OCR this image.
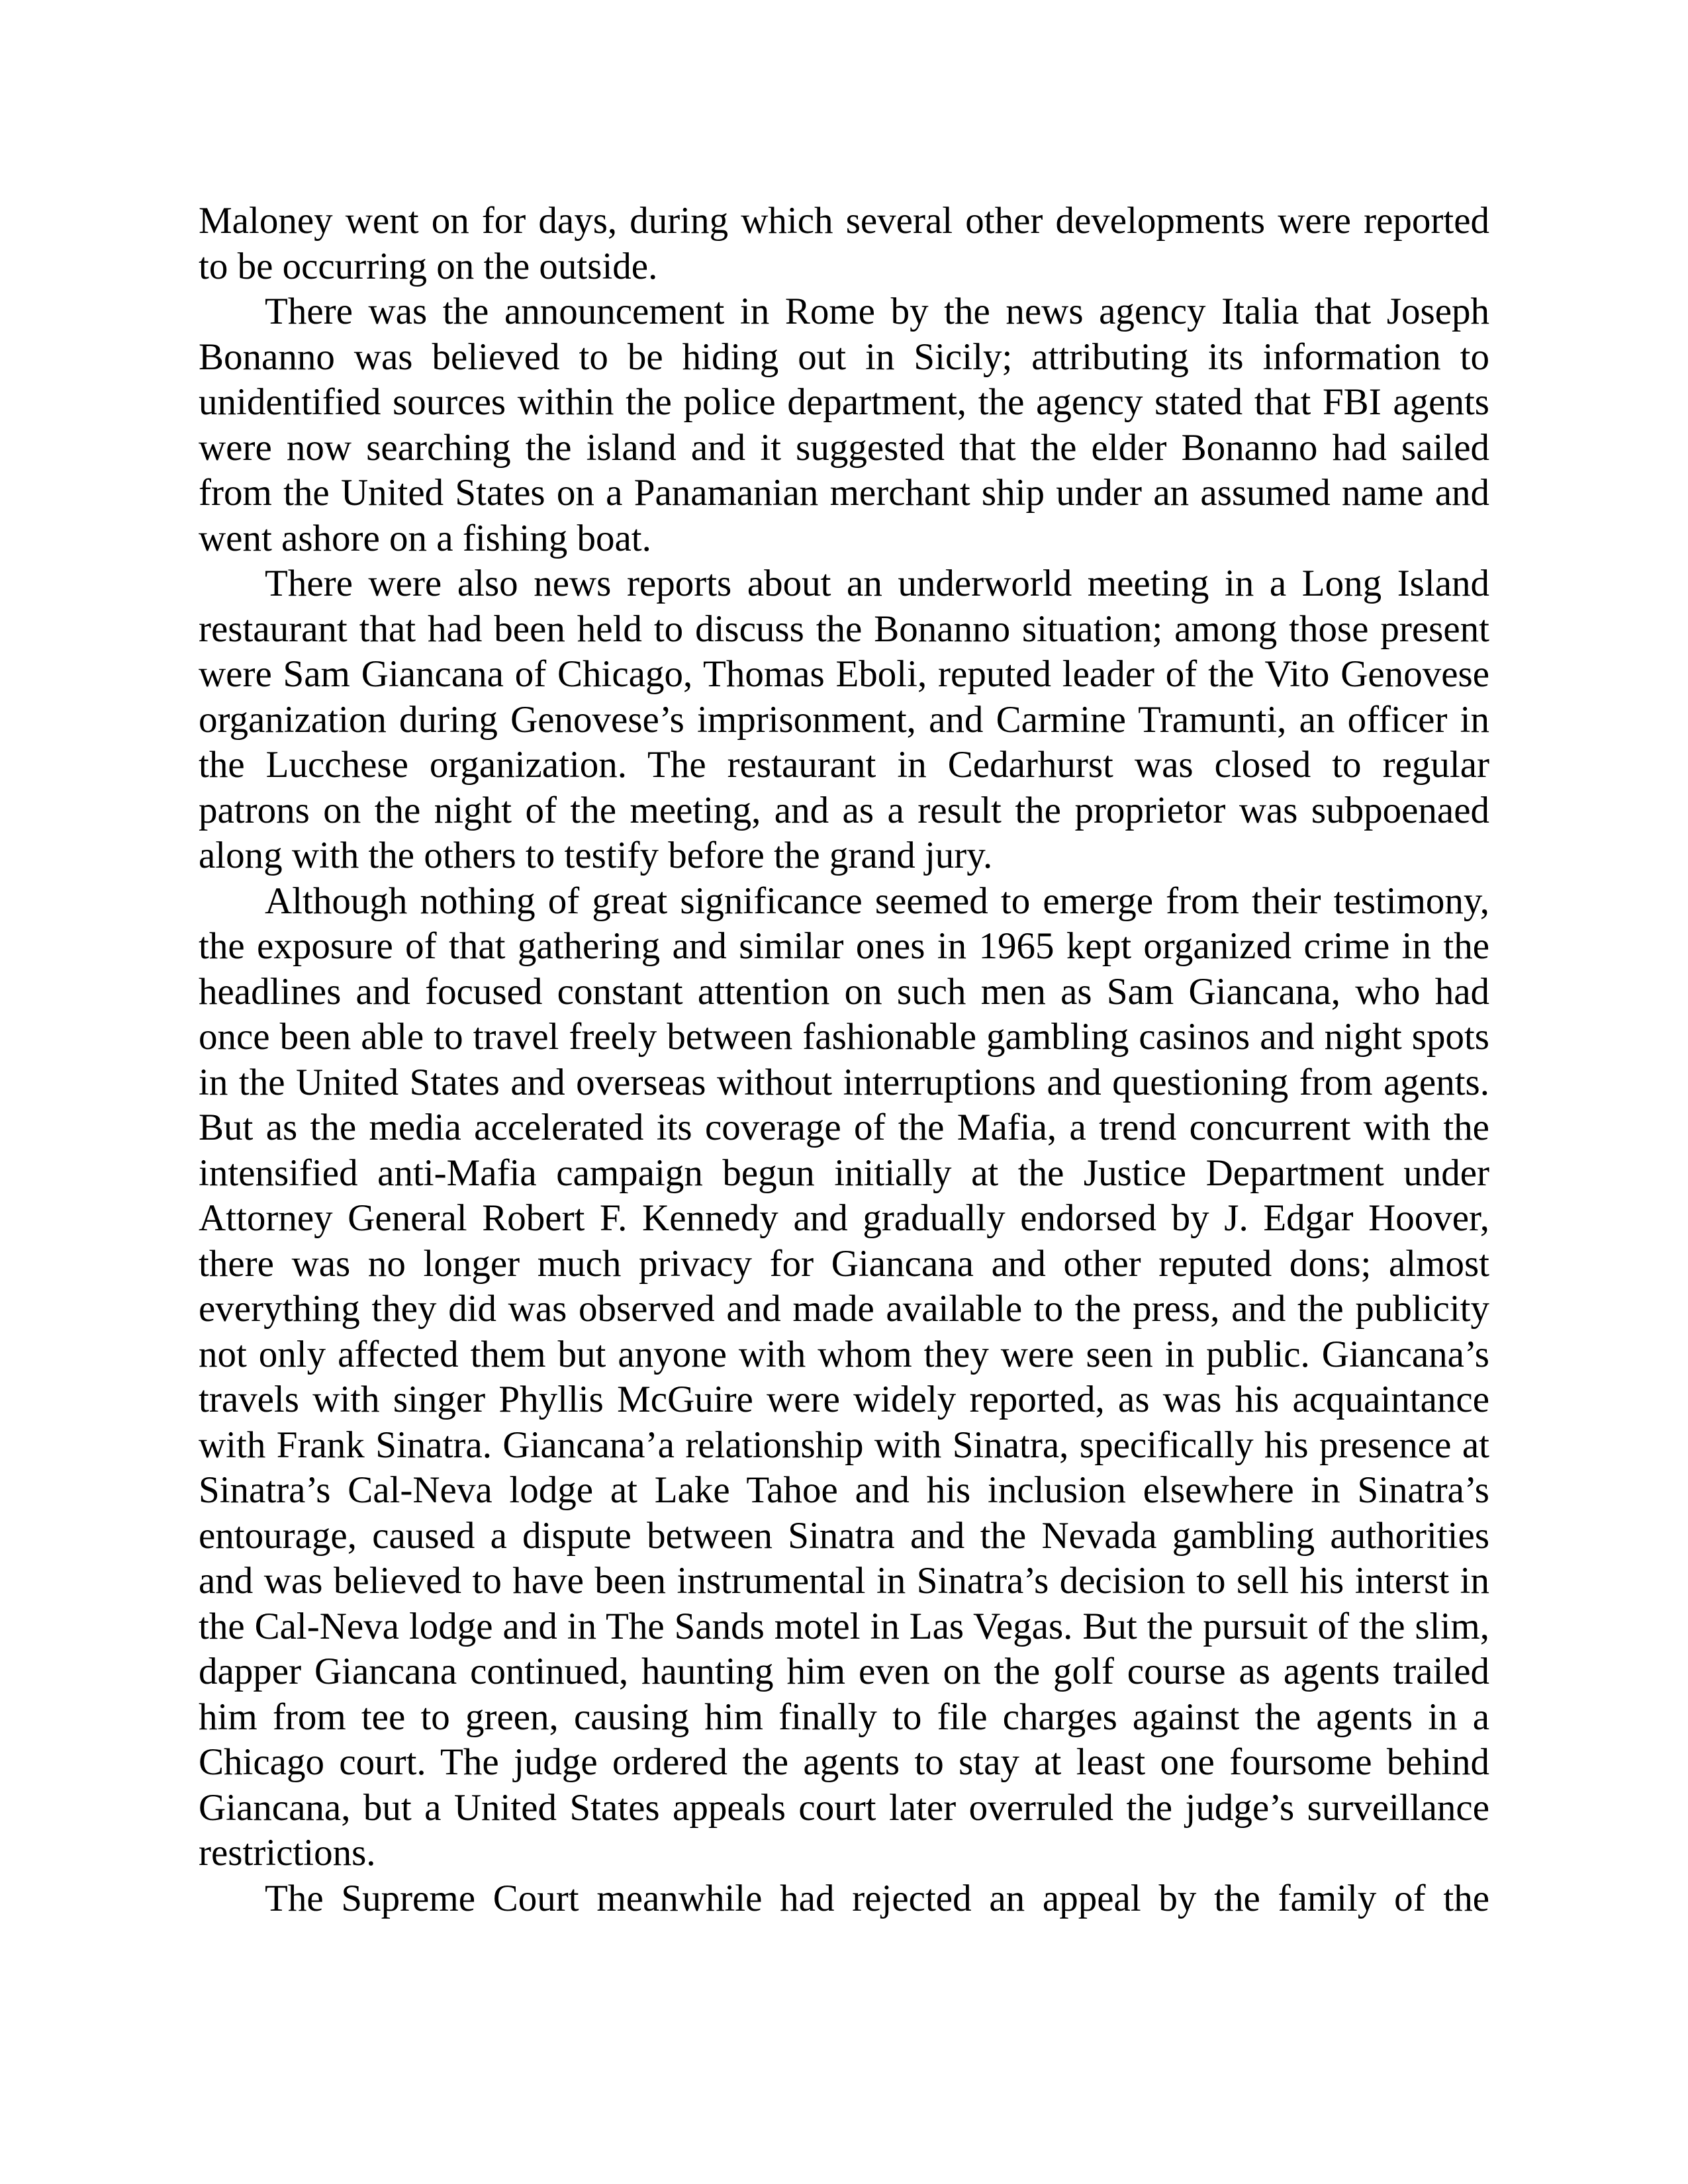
Maloney went on for days, during which several other developments were reported to be occurring on the outside.

There was the announcement in Rome by the news agency Italia that Joseph Bonanno was believed to be hiding out in Sicily; attributing its information to unidentified sources within the police department, the agency stated that FBI agents were now searching the island and it suggested that the elder Bonanno had sailed from the United States on a Panamanian merchant ship under an assumed name and went ashore on a fishing boat.

There were also news reports about an underworld meeting in a Long Island restaurant that had been held to discuss the Bonanno situation; among those present were Sam Giancana of Chicago, Thomas Eboli, reputed leader of the Vito Genovese organization during Genovese’s imprisonment, and Carmine Tramunti, an officer in the Lucchese organization. The restaurant in Cedarhurst was closed to regular patrons on the night of the meeting, and as a result the proprietor was subpoenaed along with the others to testify before the grand jury.

Although nothing of great significance seemed to emerge from their testimony, the exposure of that gathering and similar ones in 1965 kept organized crime in the headlines and focused constant attention on such men as Sam Giancana, who had once been able to travel freely between fashionable gambling casinos and night spots in the United States and overseas without interruptions and questioning from agents. But as the media accelerated its coverage of the Mafia, a trend concurrent with the intensified anti-Mafia campaign begun initially at the Justice Department under Attorney General Robert F. Kennedy and gradually endorsed by J. Edgar Hoover, there was no longer much privacy for Giancana and other reputed dons; almost everything they did was observed and made available to the press, and the publicity not only affected them but anyone with whom they were seen in public. Giancana’s travels with singer Phyllis McGuire were widely reported, as was his acquaintance with Frank Sinatra. Giancana’a relationship with Sinatra, specifically his presence at Sinatra’s Cal-Neva lodge at Lake Tahoe and his inclusion elsewhere in Sinatra’s entourage, caused a dispute between Sinatra and the Nevada gambling authorities and was believed to have been instrumental in Sinatra’s decision to sell his interst in the Cal-Neva lodge and in The Sands motel in Las Vegas. But the pursuit of the slim, dapper Giancana continued, haunting him even on the golf course as agents trailed him from tee to green, causing him finally to file charges against the agents in a Chicago court. The judge ordered the agents to stay at least one foursome behind Giancana, but a United States appeals court later overruled the judge’s surveillance restrictions.

The Supreme Court meanwhile had rejected an appeal by the family of the
